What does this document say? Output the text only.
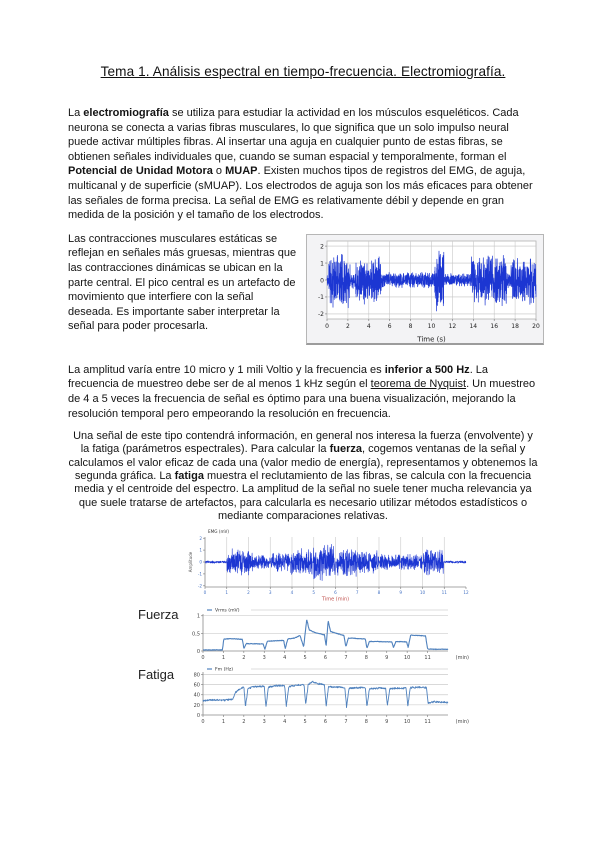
Tema 1. Análisis espectral en tiempo-frecuencia. Electromiografía.

La electromiografía se utiliza para estudiar la actividad en los músculos esqueléticos. Cada neurona se conecta a varias fibras musculares, lo que significa que un solo impulso neural puede activar múltiples fibras. Al insertar una aguja en cualquier punto de estas fibras, se obtienen señales individuales que, cuando se suman espacial y temporalmente, forman el Potencial de Unidad Motora o MUAP. Existen muchos tipos de registros del EMG, de aguja, multicanal y de superficie (sMUAP). Los electrodos de aguja son los más eficaces para obtener las señales de forma precisa. La señal de EMG es relativamente débil y depende en gran medida de la posición y el tamaño de los electrodos.

Las contracciones musculares estáticas se reflejan en señales más gruesas, mientras que las contracciones dinámicas se ubican en la parte central. El pico central es un artefacto de movimiento que interfiere con la señal deseada. Es importante saber interpretar la señal para poder procesarla.	0	2	4	6	8	10 12 14 16 18 20
-2
-1
0
1
2
Time (s)

La amplitud varía entre 10 micro y 1 mili Voltio y la frecuencia es inferior a 500 Hz. La frecuencia de muestreo debe ser de al menos 1 kHz según el teorema de Nyquist. Un muestreo de 4 a 5 veces la frecuencia de señal es óptimo para una buena visualización, mejorando la resolución temporal pero empeorando la resolución en frecuencia.

Una señal de este tipo contendrá información, en general nos interesa la fuerza (envolvente) y la fatiga (parámetros espectrales). Para calcular la fuerza, cogemos ventanas de la señal y calculamos el valor eficaz de cada una (valor medio de energía), representamos y obtenemos la segunda gráfica. La fatiga muestra el reclutamiento de las fibras, se calcula con la frecuencia media y el centroide del espectro. La amplitud de la señal no suele tener mucha relevancia ya que suele tratarse de artefactos, para calcularla es necesario utilizar métodos estadísticos o mediante comparaciones relativas.

0	1	2	3	4	5	6	7	8	9	10	11	12
-2
-1
0
1
2
Time (min)
EMG (mV)
Amplitude
Fuerza
0	1	2	3	4	5	6	7	8	9	10	11
0
0,5
1
(min)
Vrms (mV)
Fatiga
0	1	2	3	4	5	6	7	8	9	10	11
0
20
40
60
80
(min)
Fm (Hz)
